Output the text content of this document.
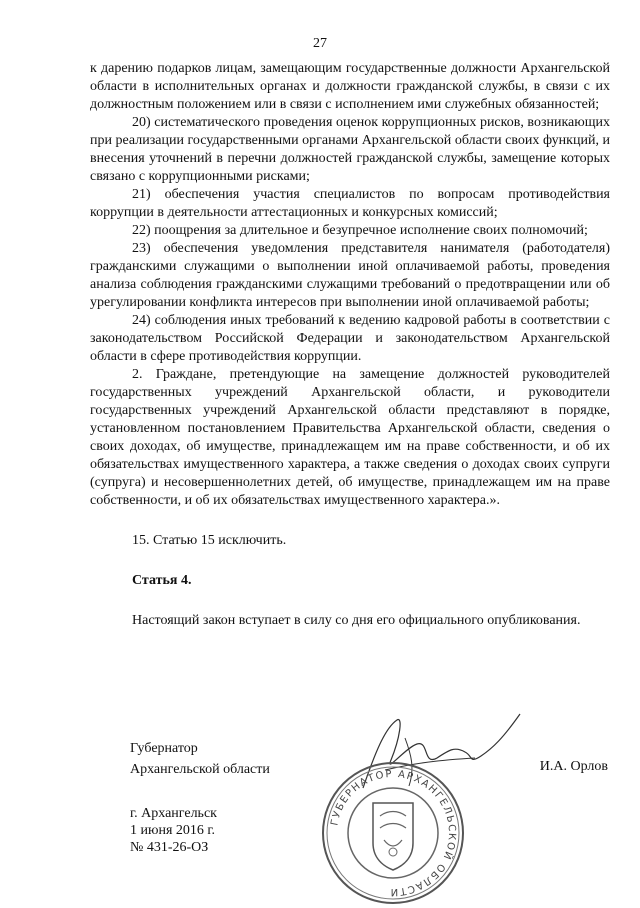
27

к дарению подарков лицам, замещающим государственные должности Архангельской области в исполнительных органах и должности гражданской службы, в связи с их должностным положением или в связи с исполнением ими служебных обязанностей;

20) систематического проведения оценок коррупционных рисков, возникающих при реализации государственными органами Архангельской области своих функций, и внесения уточнений в перечни должностей гражданской службы, замещение которых связано с коррупционными рисками;

21) обеспечения участия специалистов по вопросам противодействия коррупции в деятельности аттестационных и конкурсных комиссий;

22) поощрения за длительное и безупречное исполнение своих полномочий;

23) обеспечения уведомления представителя нанимателя (работодателя) гражданскими служащими о выполнении иной оплачиваемой работы, проведения анализа соблюдения гражданскими служащими требований о предотвращении или об урегулировании конфликта интересов при выполнении иной оплачиваемой работы;

24) соблюдения иных требований к ведению кадровой работы в соответствии с законодательством Российской Федерации и законодательством Архангельской области в сфере противодействия коррупции.

2. Граждане, претендующие на замещение должностей руководителей государственных учреждений Архангельской области, и руководители государственных учреждений Архангельской области представляют в порядке, установленном постановлением Правительства Архангельской области, сведения о своих доходах, об имуществе, принадлежащем им на праве собственности, и об их обязательствах имущественного характера, а также сведения о доходах своих супруги (супруга) и несовершеннолетних детей, об имуществе, принадлежащем им на праве собственности, и об их обязательствах имущественного характера.».

15. Статью 15 исключить.

Статья 4.

Настоящий закон вступает в силу со дня его официального опубликования.

Губернатор
Архангельской области	И.А. Орлов
г. Архангельск
1 июня 2016 г.
№ 431-26-ОЗ
ГУБЕРНАТОР АРХАНГЕЛЬСКОЙ ОБЛАСТИ
